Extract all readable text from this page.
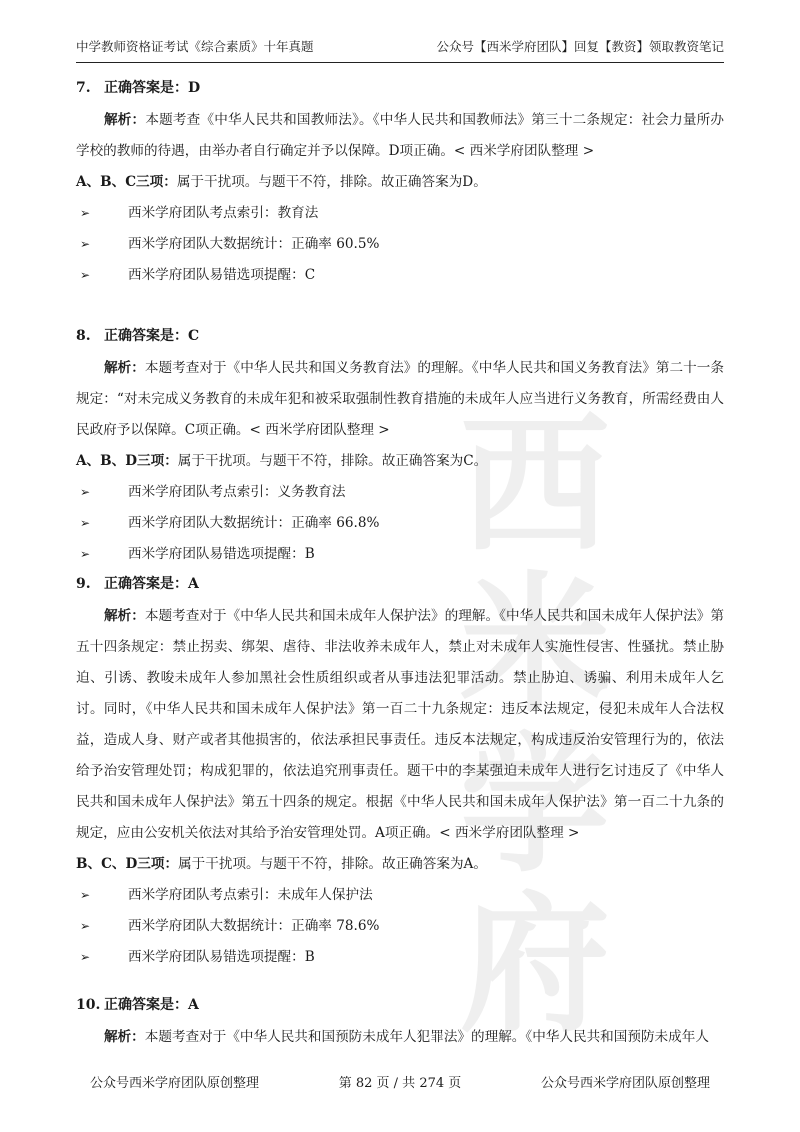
中学教师资格证考试《综合素质》十年真题	公众号【西米学府团队】回复【教资】领取教资笔记
西米
学府

7. 正确答案是：D

解析：本题考查《中华人民共和国教师法》。《中华人民共和国教师法》第三十二条规定：社会力量所办学校的教师的待遇，由举办者自行确定并予以保障。D项正确。< 西米学府团队整理 >

A、B、C三项：属于干扰项。与题干不符，排除。故正确答案为D。

➢	西米学府团队考点索引：教育法

➢	西米学府团队大数据统计：正确率 60.5%

➢	西米学府团队易错选项提醒：C

8. 正确答案是：C

解析：本题考查对于《中华人民共和国义务教育法》的理解。《中华人民共和国义务教育法》第二十一条规定：“对未完成义务教育的未成年犯和被采取强制性教育措施的未成年人应当进行义务教育，所需经费由人民政府予以保障。C项正确。< 西米学府团队整理 >

A、B、D三项：属于干扰项。与题干不符，排除。故正确答案为C。

➢	西米学府团队考点索引：义务教育法

➢	西米学府团队大数据统计：正确率 66.8%

➢	西米学府团队易错选项提醒：B

9. 正确答案是：A

解析：本题考查对于《中华人民共和国未成年人保护法》的理解。《中华人民共和国未成年人保护法》第五十四条规定：禁止拐卖、绑架、虐待、非法收养未成年人，禁止对未成年人实施性侵害、性骚扰。禁止胁迫、引诱、教唆未成年人参加黑社会性质组织或者从事违法犯罪活动。禁止胁迫、诱骗、利用未成年人乞讨。同时，《中华人民共和国未成年人保护法》第一百二十九条规定：违反本法规定，侵犯未成年人合法权益，造成人身、财产或者其他损害的，依法承担民事责任。违反本法规定，构成违反治安管理行为的，依法给予治安管理处罚；构成犯罪的，依法追究刑事责任。题干中的李某强迫未成年人进行乞讨违反了《中华人民共和国未成年人保护法》第五十四条的规定。根据《中华人民共和国未成年人保护法》第一百二十九条的规定，应由公安机关依法对其给予治安管理处罚。A项正确。< 西米学府团队整理 >

B、C、D三项：属于干扰项。与题干不符，排除。故正确答案为A。

➢	西米学府团队考点索引：未成年人保护法

➢	西米学府团队大数据统计：正确率 78.6%

➢	西米学府团队易错选项提醒：B

10. 正确答案是：A

解析：本题考查对于《中华人民共和国预防未成年人犯罪法》的理解。《中华人民共和国预防未成年人

公众号西米学府团队原创整理	第 82 页 / 共 274 页	公众号西米学府团队原创整理
